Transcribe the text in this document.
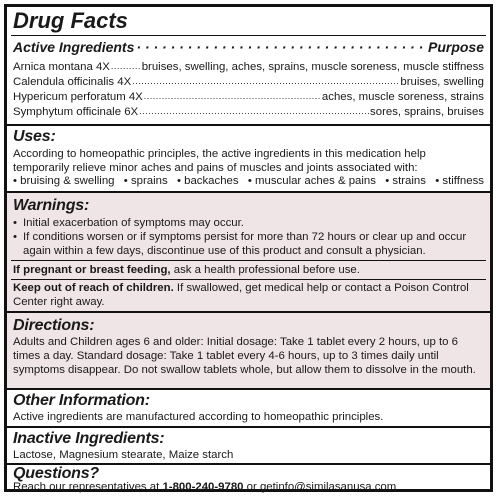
Drug Facts
Active Ingredients · · ·	Purpose
Arnica montana 4X .....	bruises, swelling, aches, sprains, muscle soreness, muscle stiffness
Calendula officinalis 4X .....	bruises, swelling
Hypericum perforatum 4X .....	aches, muscle soreness, strains
Symphytum officinale 6X .....	sores, sprains, bruises
Uses:

According to homeopathic principles, the active ingredients in this medication help temporarily relieve minor aches and pains of muscles and joints associated with:

• bruising & swelling • sprains • backaches • muscular aches & pains • strains • stiffness
Warnings:
• Initial exacerbation of symptoms may occur.
• If conditions worsen or if symptoms persist for more than 72 hours or clear up and occur again within a few days, discontinue use of this product and consult a physician.

If pregnant or breast feeding, ask a health professional before use.

Keep out of reach of children. If swallowed, get medical help or contact a Poison Control Center right away.

Directions:

Adults and Children ages 6 and older: Initial dosage: Take 1 tablet every 2 hours, up to 6 times a day. Standard dosage: Take 1 tablet every 4-6 hours, up to 3 times daily until symptoms disappear. Do not swallow tablets whole, but allow them to dissolve in the mouth.

Other Information:

Active ingredients are manufactured according to homeopathic principles.

Inactive Ingredients:

Lactose, Magnesium stearate, Maize starch

Questions?

Reach our representatives at 1-800-240-9780 or getinfo@similasanusa.com
